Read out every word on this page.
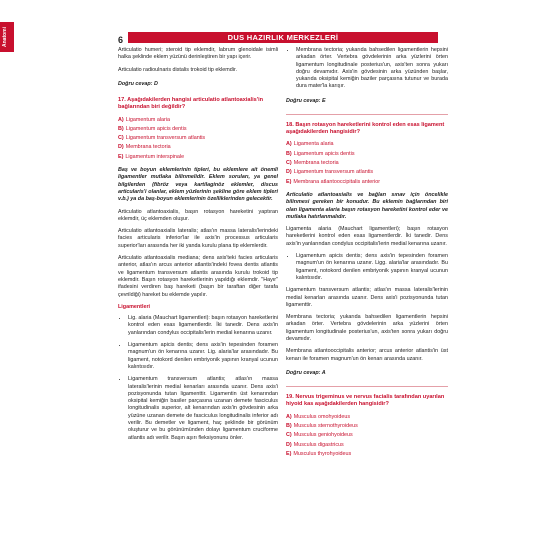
Anatomi	6	DUS HAZIRLIK MERKEZLERİ

Articulatio humeri; steroid tip eklemdir, labrum glenoidale isimli halka şeklinde eklem yüzünü derinleştiren bir yapı içerir.

Articulatio radioulnaris distalis trokoid tip eklemdir.

Doğru cevap: D
17. Aşağıdakilerden hangisi articulatio atlantoaxialis'in bağlarından biri değildir?
A) Ligamentum alaria
B) Ligamentum apicis dentis
C) Ligamentum transversum atlantis
D) Membrana tectoria
E) Ligamentum interspinale

Baş ve boyun eklemlerinin tipleri, bu eklemlere ait önemli ligamentler mutlaka bilinmelidir. Eklem soruları, ya genel bilgilerden (fibröz veya kartilaginöz eklemler, discus articularis'i olanlar, eklem yüzlerinin şekline göre eklem tipleri v.b.) ya da baş-boyun eklemlerinin özelliklerinden gelecektir.

Articulatio atlantoaxialis, başın rotasyon hareketini yaptıran eklemdir, üç eklemden oluşur.

Articulatio atlantoaxialis lateralis; atlas'ın massa lateralis'lerindeki facies articularis inferior'lar ile axis'in processus articularis superior'ları arasında her iki yanda kurulu plana tip eklemlerdir.

Articulatio atlantoaxialis mediana; dens axis'teki facies articularis anterior, atlas'ın arcus anterior atlantis'indeki fovea dentis atlantis ve ligamentum transversum atlantis arasında kurulu trokoid tip eklemdir. Başın rotasyon hareketlerinin yapıldığı eklemdir. "Hayır" ifadesini verdiren baş hareketi (başın bir taraftan diğer tarafa çevrildiği) hareket bu eklemde yapılır.

Ligamentleri
• Lig. alaria (Mauchart ligamentleri): başın rotasyon hareketlerini kontrol eden esas ligamentlerdir. İki tanedir. Dens axis'in yanlarından condylus occipitalis'lerin medial kenarına uzanır.
• Ligamentum apicis dentis; dens axis'in tepesinden foramen magnum'un ön kenarına uzanır. Lig. alaria'lar arasındadır. Bu ligament, notokord denilen embriyonik yapının kranyal ucunun kalıntısıdır.
• Ligamentum transversum atlantis; atlas'ın massa lateralis'lerinin medial kenarları arasında uzanır. Dens axis'i pozisyonunda tutan ligamenttir. Ligamentin üst kenarından oksipital kemiğin basiler parçasına uzanan demete fasciculus longitudinalis superior, alt kenarından axis'in gövdesinin arka yüzüne uzanan demete de fasciculus longitudinalis inferior adı verilir. Bu demetler ve ligament, haç şeklinde bir görünüm oluşturur ve bu görünümünden dolayı ligamentum cruciforme atlantis adı verilir. Başın aşırı fleksiyonunu önler.
• Membrana tectoria; yukarıda bahsedilen ligamentlerin hepsini arkadan örter. Vertebra gövdelerinin arka yüzlerini örten ligamentum longitudinale posterius'un, axis'ten sonra yukarı doğru devamıdır. Axis'in gövdesinin arka yüzünden başlar, yukarıda oksipital kemiğin baziler parçasına tutunur ve burada dura mater'la karışır.
Doğru cevap: E
18. Başın rotasyon hareketlerini kontrol eden esas ligament aşağıdakilerden hangisidir?
A) Ligamenta alaria
B) Ligamentum apicis dentis
C) Membrana tectoria
D) Ligamentum transversum atlantis
E) Membrana atlantooccipitalis anterior

Articulatio atlantoaxialis ve bağları sınav için öncelikle bilinmesi gereken bir konudur. Bu eklemin bağlarından biri olan ligamenta alaria başın rotasyon hareketini kontrol eder ve mutlaka hatırlanmalıdır.

Ligamenta alaria (Mauchart ligamentleri); başın rotasyon hareketlerini kontrol eden esas ligamentlerdir. İki tanedir. Dens axis'in yanlarından condylus occipitalis'lerin medial kenarına uzanır.

• Ligamentum apicis dentis; dens axis'in tepesinden foramen magnum'un ön kenarına uzanır. Ligg. alaria'lar arasındadır. Bu ligament, notokord denilen embriyonik yapının kranyal ucunun kalıntısıdır.

Ligamentum transversum atlantis; atlas'ın massa lateralis'lerinin medial kenarları arasında uzanır. Dens axis'i pozisyonunda tutan ligamenttir.

Membrana tectoria; yukarıda bahsedilen ligamentlerin hepsini arkadan örter. Vertebra gövdelerinin arka yüzlerini örten ligamentum longitudinale posterius'un, axis'ten sonra yukarı doğru devamıdır.

Membrana atlantooccipitalis anterior; arcus anterior atlantis'in üst kenarı ile foramen magnum'un ön kenarı arasında uzanır.

Doğru cevap: A
19. Nervus trigeminus ve nervus facialis tarafından uyarılan hiyoid kas aşağıdakilerden hangisidir?
A) Musculus omohyoideus
B) Musculus sternothyroideus
C) Musculus geniohyoideus
D) Musculus digastricus
E) Musculus thyrohyoideus
